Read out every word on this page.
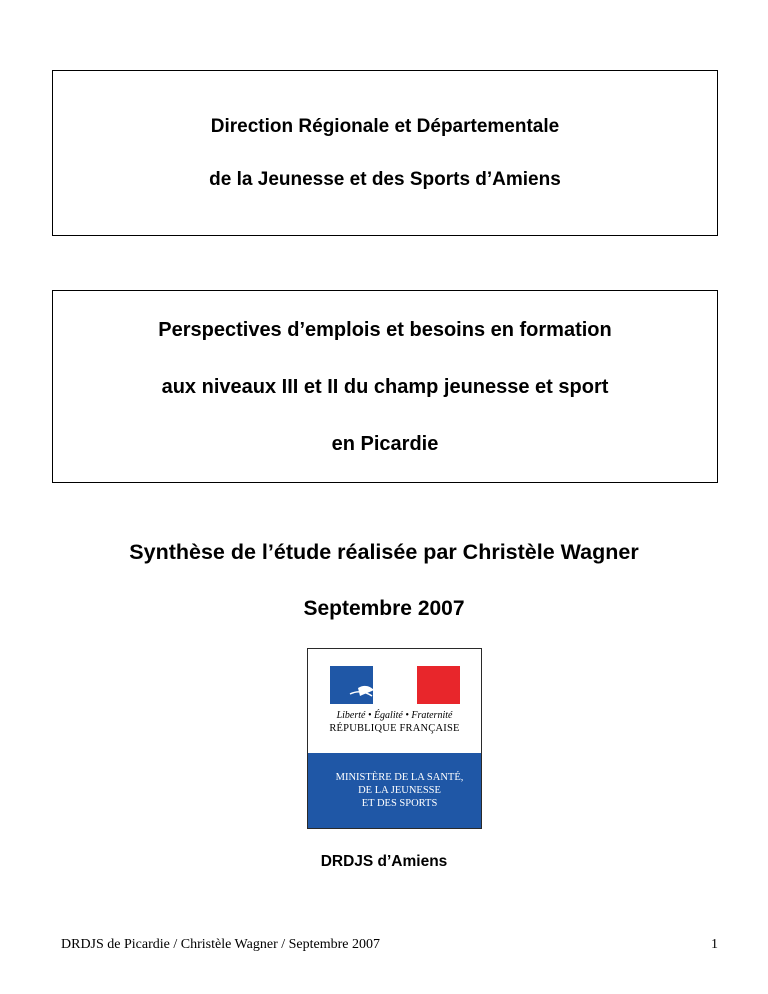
Direction Régionale et Départementale
de la Jeunesse et des Sports d’Amiens
Perspectives d’emplois et besoins en formation
aux niveaux III et II du champ jeunesse et sport
en Picardie
Synthèse de l’étude réalisée par Christèle Wagner
Septembre 2007
Liberté • Égalité • Fraternité
RÉPUBLIQUE FRANÇAISE
MINISTÈRE DE LA SANTÉ,
DE LA JEUNESSE
ET DES SPORTS
DRDJS d’Amiens
DRDJS de Picardie / Christèle Wagner / Septembre 2007	1
